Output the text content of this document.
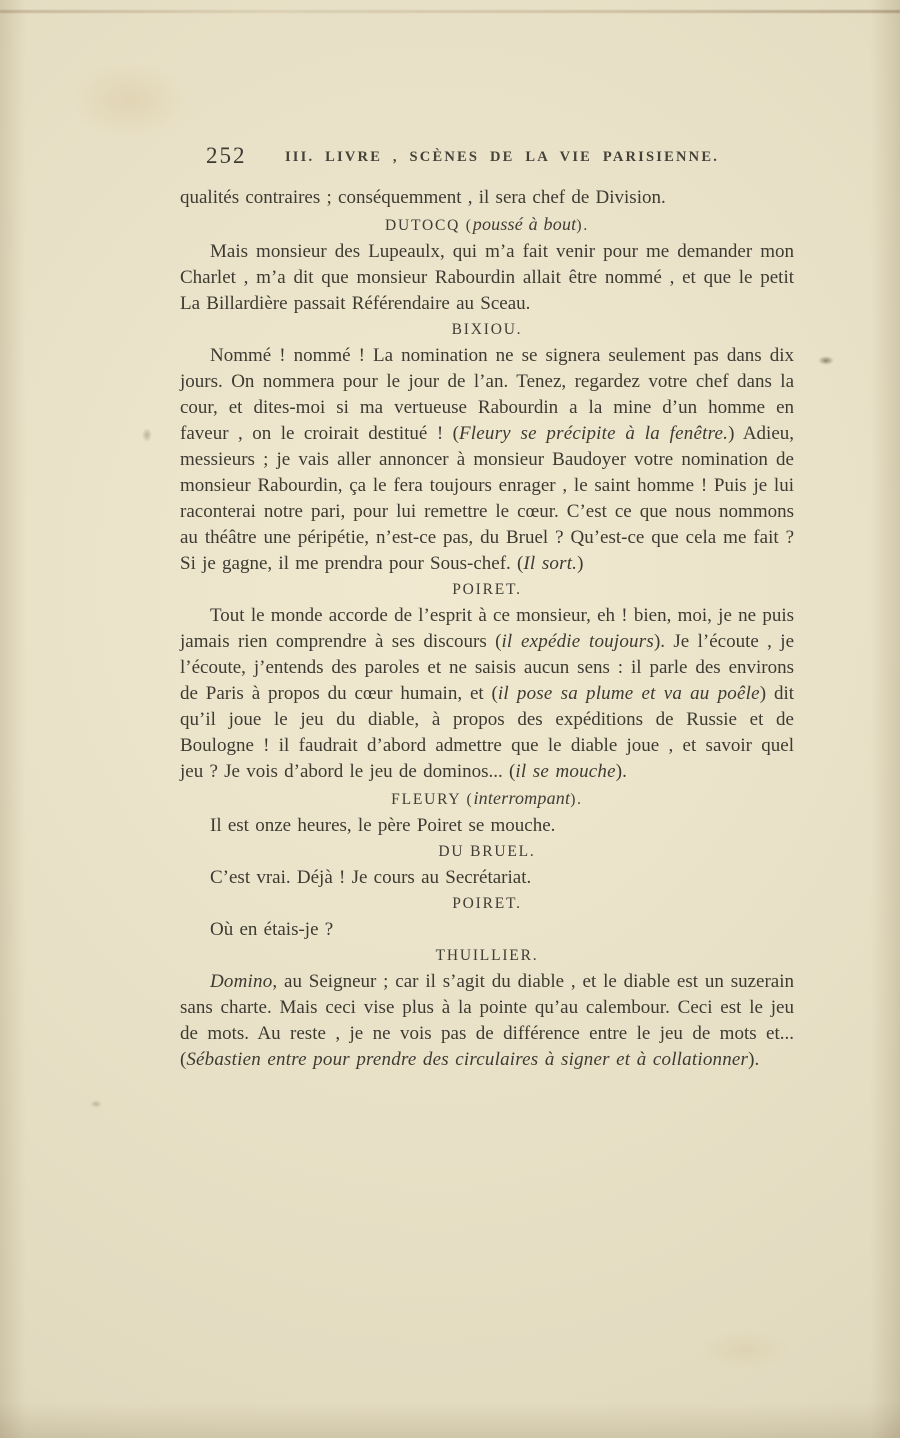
252	III. LIVRE , SCÈNES DE LA VIE PARISIENNE.

qualités contraires ; conséquemment , il sera chef de Division.

DUTOCQ (poussé à bout).

Mais monsieur des Lupeaulx, qui m’a fait venir pour me demander mon Charlet , m’a dit que monsieur Rabourdin allait être nommé , et que le petit La Billardière passait Référendaire au Sceau.

BIXIOU.

Nommé ! nommé ! La nomination ne se signera seulement pas dans dix jours. On nommera pour le jour de l’an. Tenez, regardez votre chef dans la cour, et dites-moi si ma vertueuse Rabourdin a la mine d’un homme en faveur , on le croirait destitué ! (Fleury se précipite à la fenêtre.) Adieu, messieurs ; je vais aller annoncer à monsieur Baudoyer votre nomination de monsieur Rabourdin, ça le fera toujours enrager , le saint homme ! Puis je lui raconterai notre pari, pour lui remettre le cœur. C’est ce que nous nommons au théâtre une péripétie, n’est-ce pas, du Bruel ? Qu’est-ce que cela me fait ? Si je gagne, il me prendra pour Sous-chef. (Il sort.)

POIRET.

Tout le monde accorde de l’esprit à ce monsieur, eh ! bien, moi, je ne puis jamais rien comprendre à ses discours (il expédie toujours). Je l’écoute , je l’écoute, j’entends des paroles et ne saisis aucun sens : il parle des environs de Paris à propos du cœur humain, et (il pose sa plume et va au poêle) dit qu’il joue le jeu du diable, à propos des expéditions de Russie et de Boulogne ! il faudrait d’abord admettre que le diable joue , et savoir quel jeu ? Je vois d’abord le jeu de dominos... (il se mouche).

FLEURY (interrompant).

Il est onze heures, le père Poiret se mouche.

DU BRUEL.

C’est vrai. Déjà ! Je cours au Secrétariat.

POIRET.

Où en étais-je ?

THUILLIER.

Domino, au Seigneur ; car il s’agit du diable , et le diable est un suzerain sans charte. Mais ceci vise plus à la pointe qu’au calembour. Ceci est le jeu de mots. Au reste , je ne vois pas de différence entre le jeu de mots et... (Sébastien entre pour prendre des circulaires à signer et à collationner).
